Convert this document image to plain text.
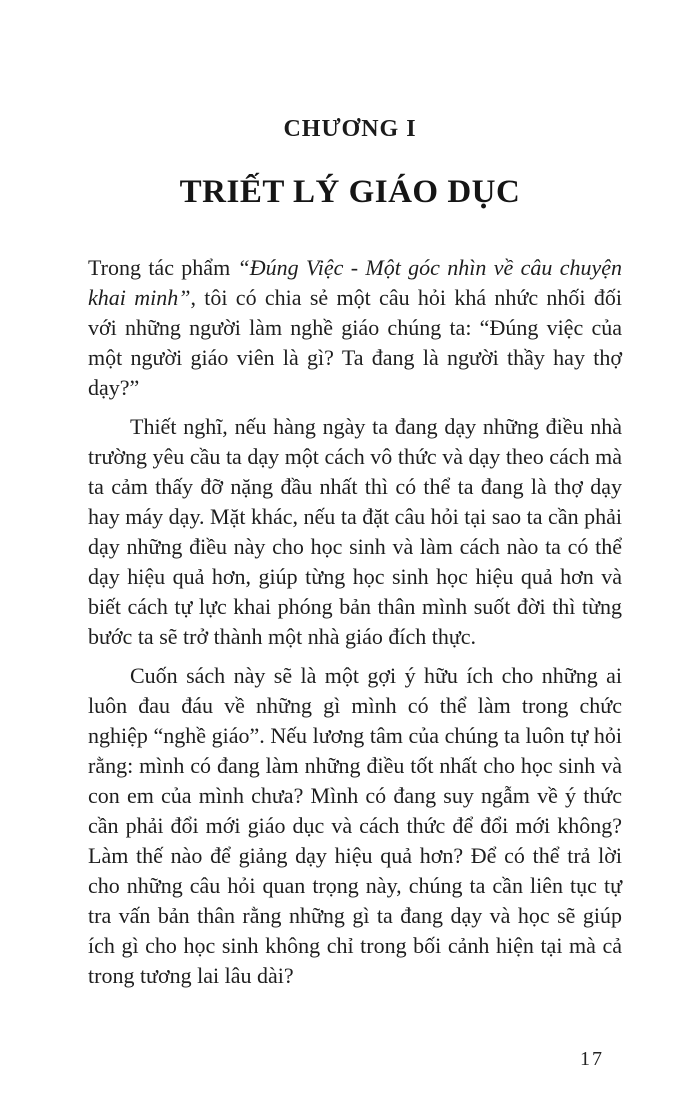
CHƯƠNG I
TRIẾT LÝ GIÁO DỤC

Trong tác phẩm “Đúng Việc - Một góc nhìn về câu chuyện khai minh”, tôi có chia sẻ một câu hỏi khá nhức nhối đối với những người làm nghề giáo chúng ta: “Đúng việc của một người giáo viên là gì? Ta đang là người thầy hay thợ dạy?”

Thiết nghĩ, nếu hàng ngày ta đang dạy những điều nhà trường yêu cầu ta dạy một cách vô thức và dạy theo cách mà ta cảm thấy đỡ nặng đầu nhất thì có thể ta đang là thợ dạy hay máy dạy. Mặt khác, nếu ta đặt câu hỏi tại sao ta cần phải dạy những điều này cho học sinh và làm cách nào ta có thể dạy hiệu quả hơn, giúp từng học sinh học hiệu quả hơn và biết cách tự lực khai phóng bản thân mình suốt đời thì từng bước ta sẽ trở thành một nhà giáo đích thực.

Cuốn sách này sẽ là một gợi ý hữu ích cho những ai luôn đau đáu về những gì mình có thể làm trong chức nghiệp “nghề giáo”. Nếu lương tâm của chúng ta luôn tự hỏi rằng: mình có đang làm những điều tốt nhất cho học sinh và con em của mình chưa? Mình có đang suy ngẫm về ý thức cần phải đổi mới giáo dục và cách thức để đổi mới không? Làm thế nào để giảng dạy hiệu quả hơn? Để có thể trả lời cho những câu hỏi quan trọng này, chúng ta cần liên tục tự tra vấn bản thân rằng những gì ta đang dạy và học sẽ giúp ích gì cho học sinh không chỉ trong bối cảnh hiện tại mà cả trong tương lai lâu dài?

17
